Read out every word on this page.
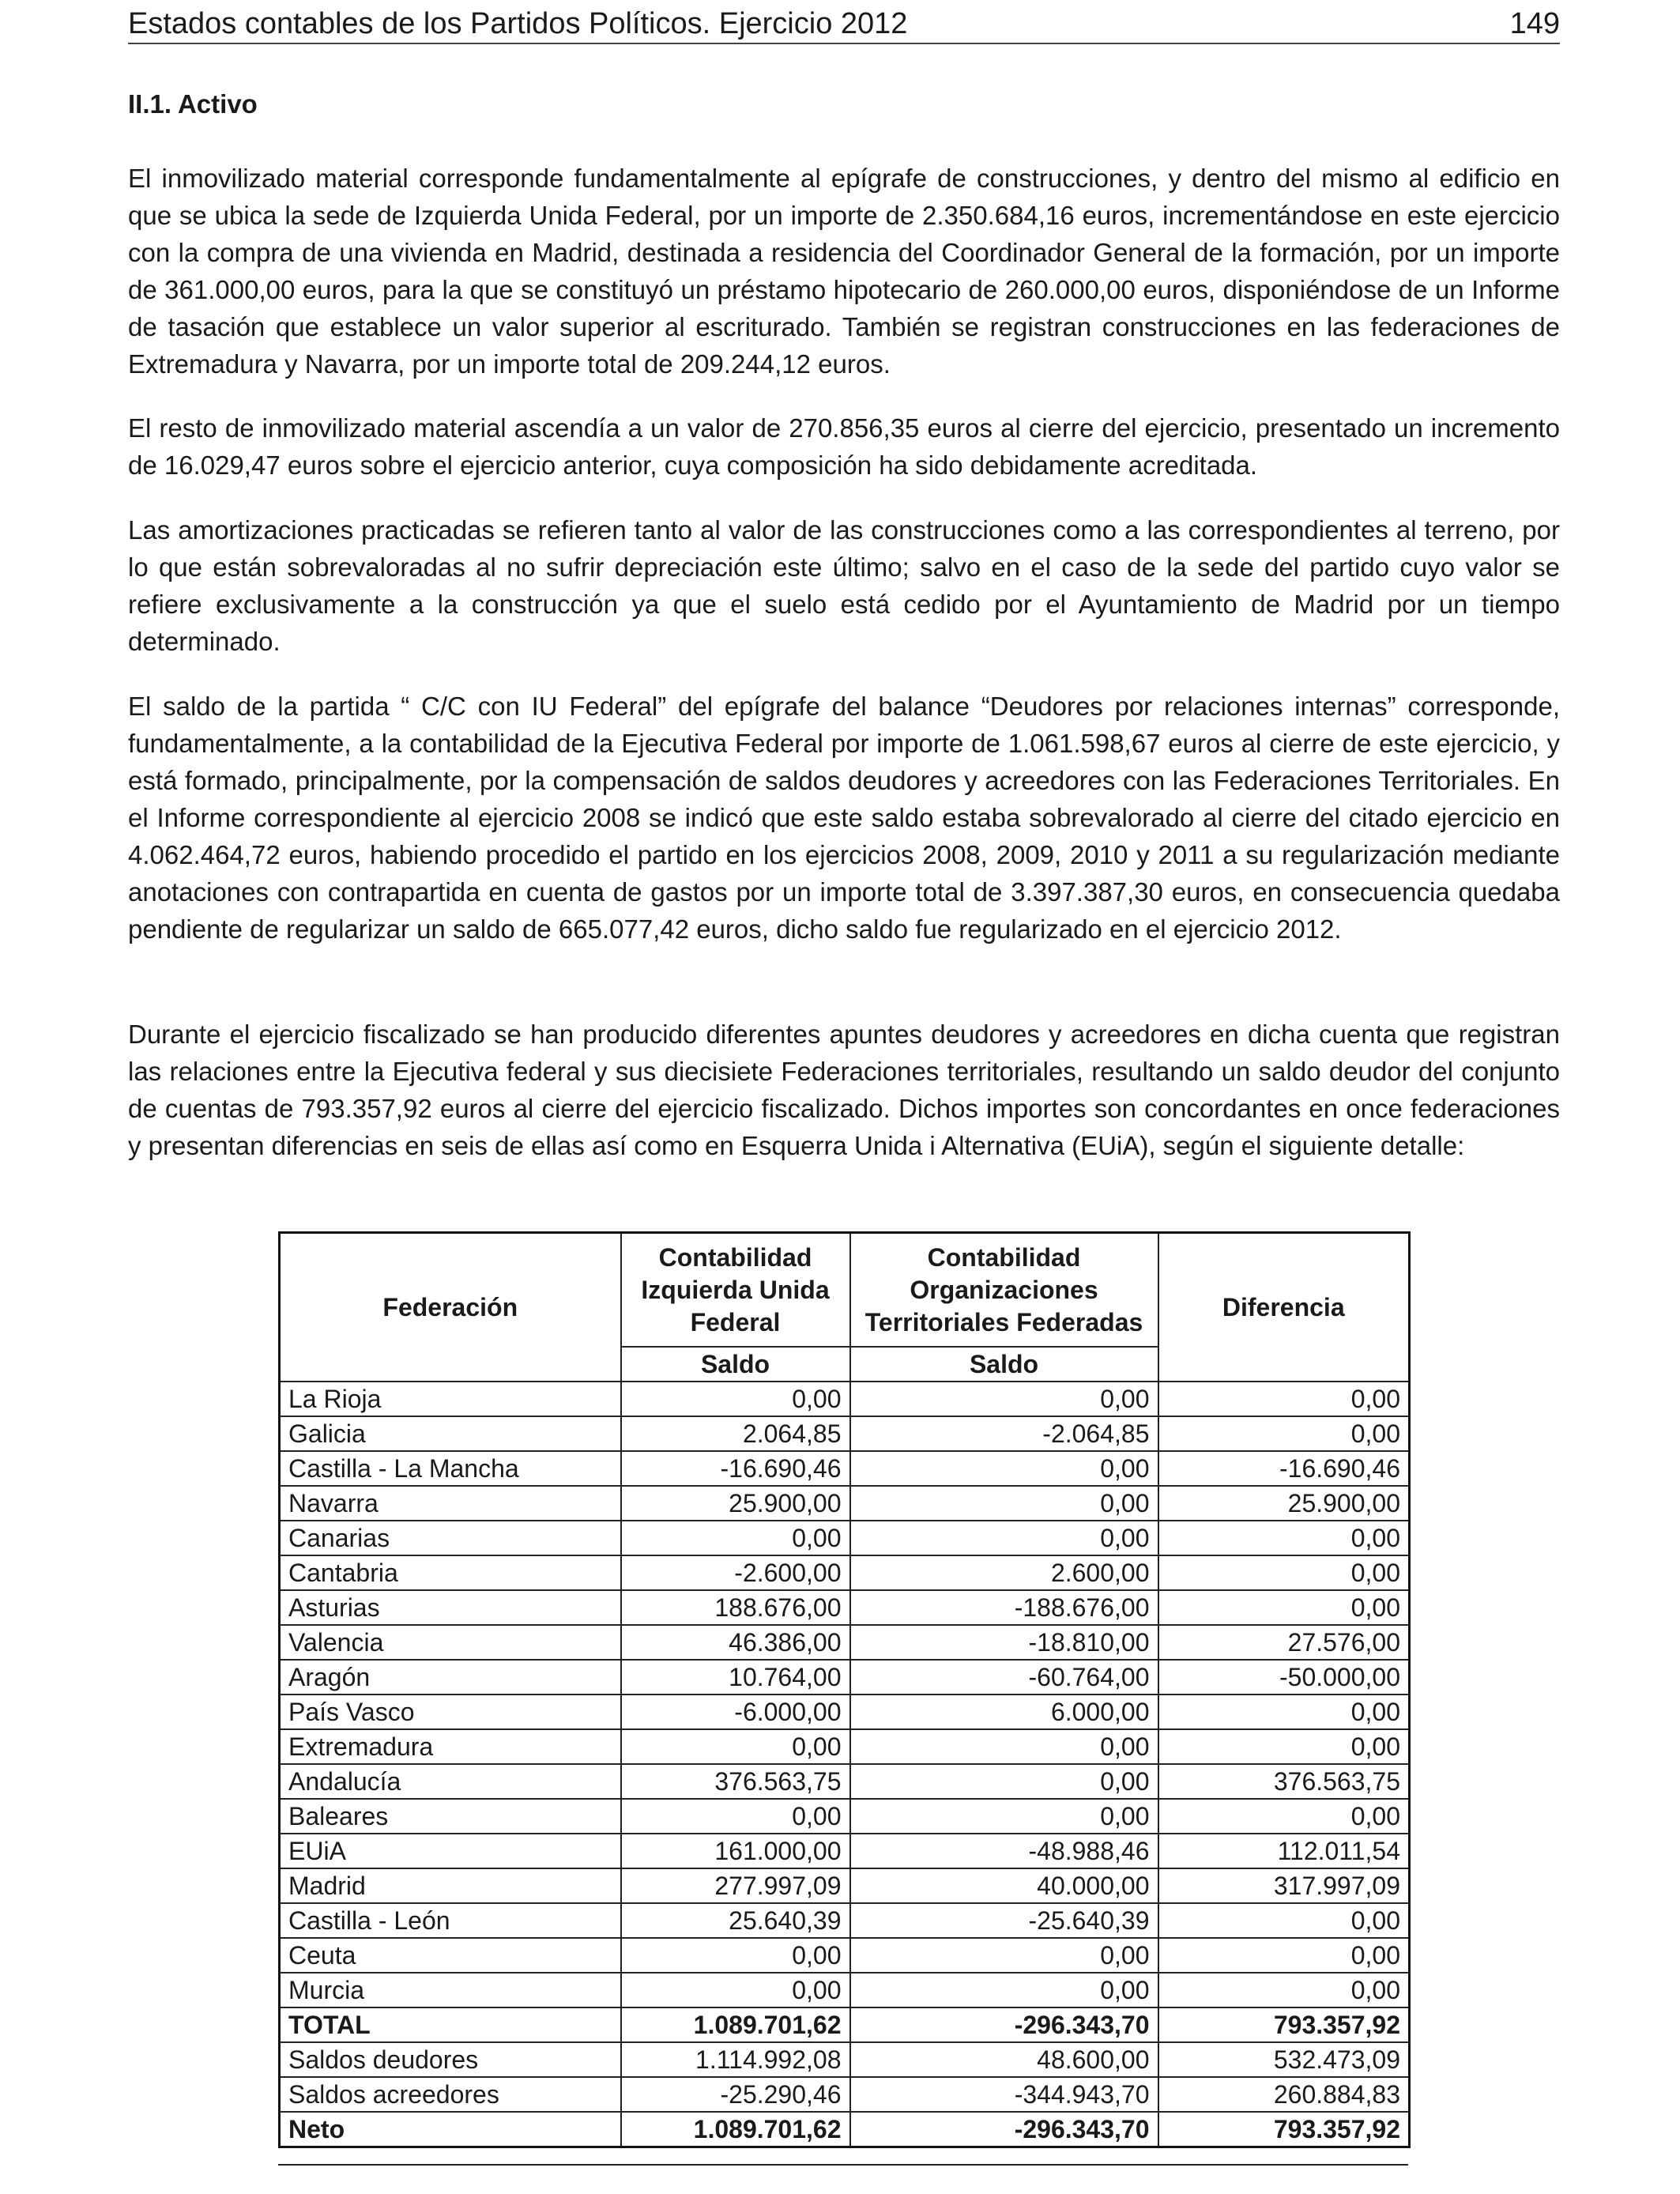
Estados contables de los Partidos Políticos. Ejercicio 2012	149
II.1. Activo

El inmovilizado material corresponde fundamentalmente al epígrafe de construcciones, y dentro del mismo al edificio en que se ubica la sede de Izquierda Unida Federal, por un importe de 2.350.684,16 euros, incrementándose en este ejercicio con la compra de una vivienda en Madrid, destinada a residencia del Coordinador General de la formación, por un importe de 361.000,00 euros, para la que se constituyó un préstamo hipotecario de 260.000,00 euros, disponiéndose de un Informe de tasación que establece un valor superior al escriturado. También se registran construcciones en las federaciones de Extremadura y Navarra, por un importe total de 209.244,12 euros.

El resto de inmovilizado material ascendía a un valor de 270.856,35 euros al cierre del ejercicio, presentado un incremento de 16.029,47 euros sobre el ejercicio anterior, cuya composición ha sido debidamente acreditada.

Las amortizaciones practicadas se refieren tanto al valor de las construcciones como a las correspondientes al terreno, por lo que están sobrevaloradas al no sufrir depreciación este último; salvo en el caso de la sede del partido cuyo valor se refiere exclusivamente a la construcción ya que el suelo está cedido por el Ayuntamiento de Madrid por un tiempo determinado.

El saldo de la partida “ C/C con IU Federal” del epígrafe del balance “Deudores por relaciones internas” corresponde, fundamentalmente, a la contabilidad de la Ejecutiva Federal por importe de 1.061.598,67 euros al cierre de este ejercicio, y está formado, principalmente, por la compensación de saldos deudores y acreedores con las Federaciones Territoriales. En el Informe correspondiente al ejercicio 2008 se indicó que este saldo estaba sobrevalorado al cierre del citado ejercicio en 4.062.464,72 euros, habiendo procedido el partido en los ejercicios 2008, 2009, 2010 y 2011 a su regularización mediante anotaciones con contrapartida en cuenta de gastos por un importe total de 3.397.387,30 euros, en consecuencia quedaba pendiente de regularizar un saldo de 665.077,42 euros, dicho saldo fue regularizado en el ejercicio 2012.

Durante el ejercicio fiscalizado se han producido diferentes apuntes deudores y acreedores en dicha cuenta que registran las relaciones entre la Ejecutiva federal y sus diecisiete Federaciones territoriales, resultando un saldo deudor del conjunto de cuentas de 793.357,92 euros al cierre del ejercicio fiscalizado. Dichos importes son concordantes en once federaciones y presentan diferencias en seis de ellas así como en Esquerra Unida i Alternativa (EUiA), según el siguiente detalle:

Federación	Contabilidad Izquierda Unida Federal	Contabilidad Organizaciones Territoriales Federadas	Diferencia
	Saldo	Saldo	
La Rioja	0,00	0,00	0,00
Galicia	2.064,85	-2.064,85	0,00
Castilla - La Mancha	-16.690,46	0,00	-16.690,46
Navarra	25.900,00	0,00	25.900,00
Canarias	0,00	0,00	0,00
Cantabria	-2.600,00	2.600,00	0,00
Asturias	188.676,00	-188.676,00	0,00
Valencia	46.386,00	-18.810,00	27.576,00
Aragón	10.764,00	-60.764,00	-50.000,00
País Vasco	-6.000,00	6.000,00	0,00
Extremadura	0,00	0,00	0,00
Andalucía	376.563,75	0,00	376.563,75
Baleares	0,00	0,00	0,00
EUiA	161.000,00	-48.988,46	112.011,54
Madrid	277.997,09	40.000,00	317.997,09
Castilla - León	25.640,39	-25.640,39	0,00
Ceuta	0,00	0,00	0,00
Murcia	0,00	0,00	0,00
TOTAL	1.089.701,62	-296.343,70	793.357,92
Saldos deudores	1.114.992,08	48.600,00	532.473,09
Saldos acreedores	-25.290,46	-344.943,70	260.884,83
Neto	1.089.701,62	-296.343,70	793.357,92
